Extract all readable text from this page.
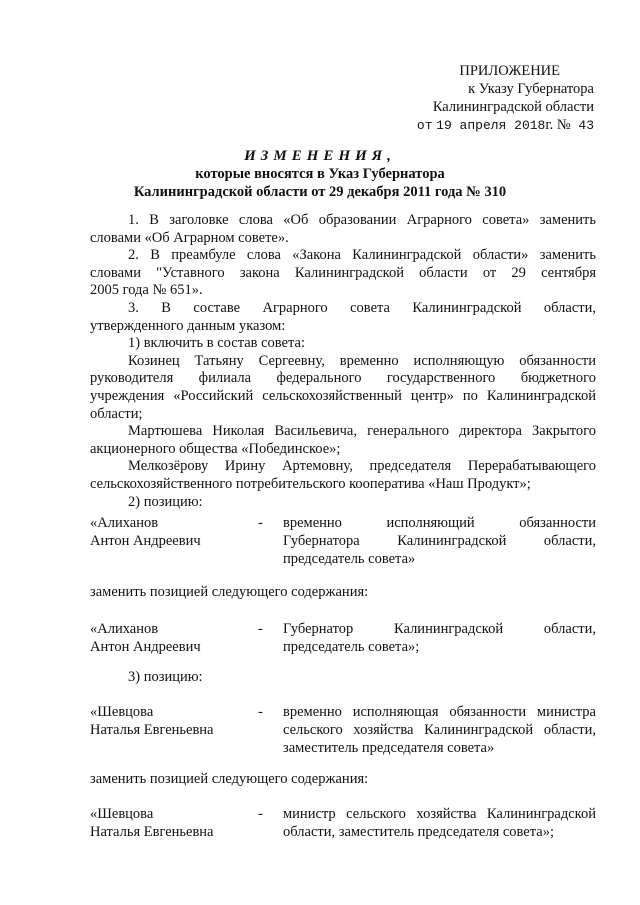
ПРИЛОЖЕНИЕ
к Указу Губернатора
Калининградской области
от 19 апреля 2018г. № 43
ИЗМЕНЕНИЯ,
которые вносятся в Указ Губернатора
Калининградской области от 29 декабря 2011 года № 310
1. В заголовке слова «Об образовании Аграрного совета» заменить
словами «Об Аграрном совете».
2. В преамбуле слова «Закона Калининградской области» заменить
словами "Уставного закона Калининградской области от 29 сентября
2005 года № 651».
3. В составе Аграрного совета Калининградской области,
утвержденного данным указом:
1) включить в состав совета:
Козинец Татьяну Сергеевну, временно исполняющую обязанности
руководителя филиала федерального государственного бюджетного
учреждения «Российский сельскохозяйственный центр» по Калининградской
области;
Мартюшева Николая Васильевича, генерального директора Закрытого
акционерного общества «Побединское»;
Мелкозёрову Ирину Артемовну, председателя Перерабатывающего
сельскохозяйственного потребительского кооператива «Наш Продукт»;
2) позицию:
«Алиханов
Антон Андреевич
- временно исполняющий обязанности
Губернатора Калининградской области,
председатель совета»
заменить позицией следующего содержания:
«Алиханов
Антон Андреевич
- Губернатор Калининградской области,
председатель совета»;
3) позицию:
«Шевцова
Наталья Евгеньевна
- временно исполняющая обязанности министра
сельского хозяйства Калининградской области,
заместитель председателя совета»
заменить позицией следующего содержания:
«Шевцова
Наталья Евгеньевна
- министр сельского хозяйства Калининградской
области, заместитель председателя совета»;
